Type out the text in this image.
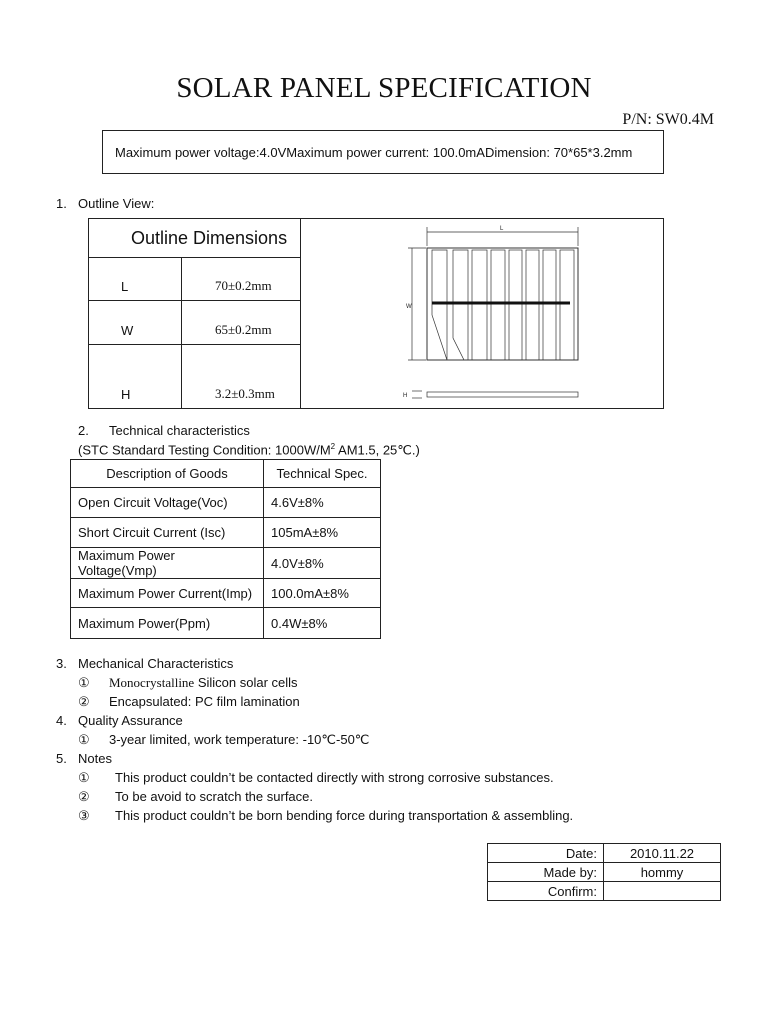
SOLAR PANEL SPECIFICATION
P/N: SW0.4M
Maximum power voltage:4.0V Maximum power current: 100.0mA Dimension: 70*65*3.2mm
1. Outline View:
Outline Dimensions	
L	70±0.2mm
W	65±0.2mm
H	3.2±0.3mm
L
W
H
2. Technical characteristics
(STC Standard Testing Condition: $1000W/M^2$ AM1.5, 25℃.)
Description of Goods	Technical Spec.
Open Circuit Voltage(Voc)	4.6V±8%
Short Circuit Current (Isc)	105mA±8%
Maximum Power Voltage(Vmp)	4.0V±8%
Maximum Power Current(Imp)	100.0mA±8%
Maximum Power(Ppm)	0.4W±8%
3. Mechanical Characteristics
① Monocrystalline Silicon solar cells
② Encapsulated: PC film lamination
4. Quality Assurance
① 3-year limited, work temperature: -10℃-50℃
5. Notes
① This product couldn’t be contacted directly with strong corrosive substances.
② To be avoid to scratch the surface.
③ This product couldn’t be born bending force during transportation & assembling.
Date:	2010.11.22
Made by:	hommy
Confirm:	
